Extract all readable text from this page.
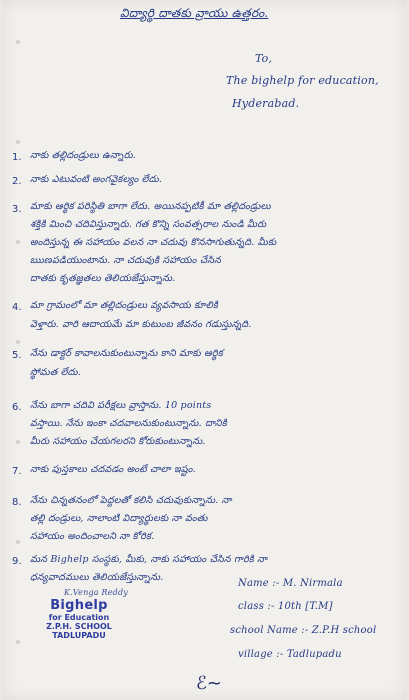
విద్యార్థి దాతకు వ్రాయు ఉత్తరం.
To,
The bighelp for education,
Hyderabad.
1. నాకు తల్లిదండ్రులు ఉన్నారు.
2. నాకు ఎటువంటి అంగవైకల్యం లేదు.
3. మాకు ఆర్థిక పరిస్థితి బాగా లేదు. అయినప్పటికీ మా తల్లిదండ్రులు
శక్తికి మించి చదివిస్తున్నారు. గత కొన్ని సంవత్సరాల నుండి మీరు
అందిస్తున్న ఈ సహాయం వలన నా చదువు కొనసాగుతున్నది. మీకు
ఋణపడియుంటాను. నా చదువుకి సహాయం చేసిన
దాతకు కృతజ్ఞతలు తెలియజేస్తున్నాను.
4. మా గ్రామంలో మా తల్లిదండ్రులు వ్యవసాయ కూలికి
వెళ్తారు. వారి ఆదాయమే మా కుటుంబ జీవనం గడుస్తున్నది.
5. నేను డాక్టర్ కావాలనుకుంటున్నాను కాని మాకు ఆర్థిక
స్థోమత లేదు.
6. నేను బాగా చదివి పరీక్షలు వ్రాస్తాను. 10 points
వస్తాయి. నేను ఇంకా చదవాలనుకుంటున్నాను. దానికి
మీరు సహాయం చేయగలరని కోరుకుంటున్నాను.
7. నాకు పుస్తకాలు చదవడం అంటే చాలా ఇష్టం.
8. నేను చిన్నతనంలో పెద్దలతో కలిసి చదువుకున్నాను. నా
తల్లి దండ్రులు, నాలాంటి విద్యార్థులకు నా వంతు
సహాయం అందించాలని నా కోరిక.
9. మన Bighelp సంస్థకు, మీకు, నాకు సహాయం చేసిన గారికి నా
ధన్యవాదములు తెలియజేస్తున్నాను.
K.Venga Reddy
Bighelp
for Education
Z.P.H. SCHOOL
TADLUPADU
Name :- M. Nirmala
class :- 10th [T.M]
school Name :- Z.P.H school
village :- Tadlupadu
ℰ~
